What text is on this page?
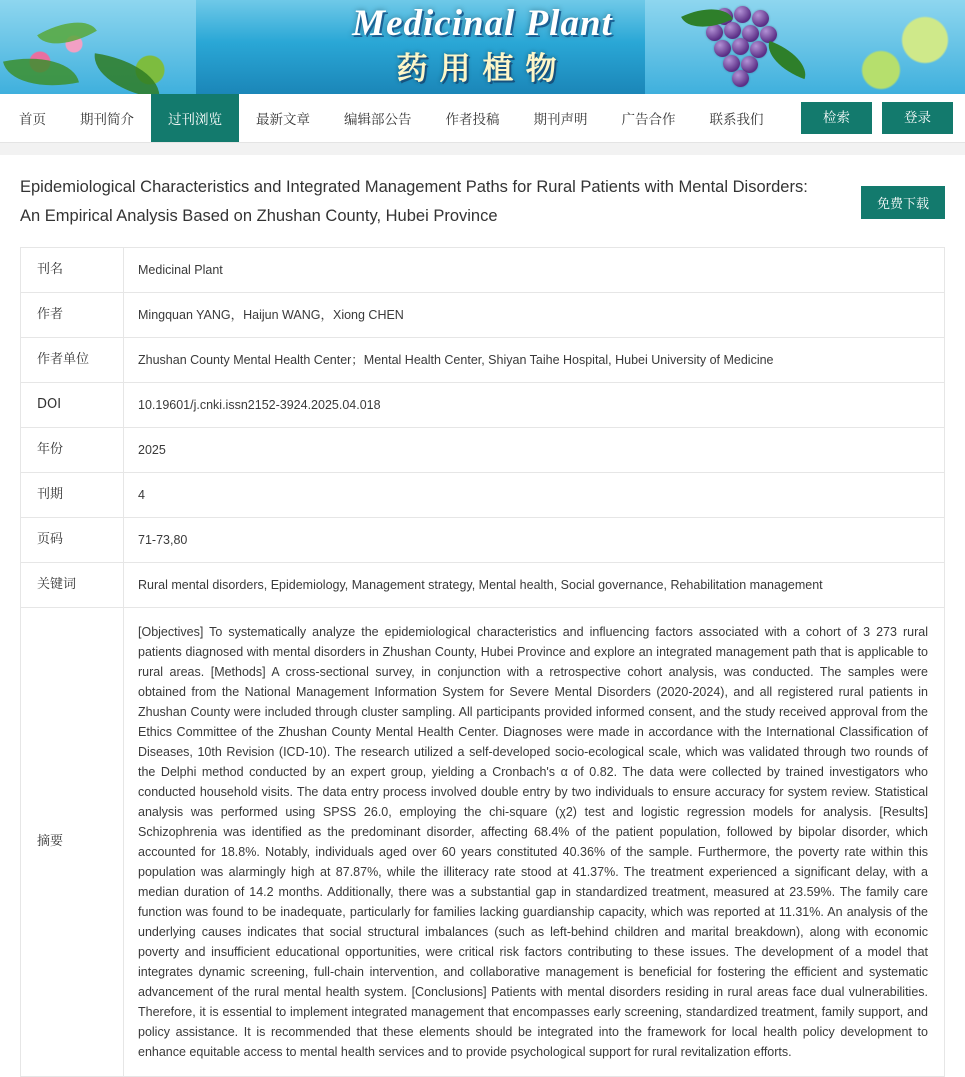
Medicinal Plant
药用植物
首页	期刊简介	过刊浏览	最新文章	编辑部公告	作者投稿	期刊声明	广告合作	联系我们	检索	登录
Epidemiological Characteristics and Integrated Management Paths for Rural Patients with Mental Disorders: An Empirical Analysis Based on Zhushan County, Hubei Province
免费下载
刊名	Medicinal Plant
作者	Mingquan YANG，Haijun WANG，Xiong CHEN
作者单位	Zhushan County Mental Health Center；Mental Health Center, Shiyan Taihe Hospital, Hubei University of Medicine
DOI	10.19601/j.cnki.issn2152-3924.2025.04.018
年份	2025
刊期	4
页码	71-73,80
关键词	Rural mental disorders, Epidemiology, Management strategy, Mental health, Social governance, Rehabilitation management
摘要	[Objectives] To systematically analyze the epidemiological characteristics and influencing factors associated with a cohort of 3 273 rural patients diagnosed with mental disorders in Zhushan County, Hubei Province and explore an integrated management path that is applicable to rural areas. [Methods] A cross-sectional survey, in conjunction with a retrospective cohort analysis, was conducted. The samples were obtained from the National Management Information System for Severe Mental Disorders (2020-2024), and all registered rural patients in Zhushan County were included through cluster sampling. All participants provided informed consent, and the study received approval from the Ethics Committee of the Zhushan County Mental Health Center. Diagnoses were made in accordance with the International Classification of Diseases, 10th Revision (ICD-10). The research utilized a self-developed socio-ecological scale, which was validated through two rounds of the Delphi method conducted by an expert group, yielding a Cronbach's α of 0.82. The data were collected by trained investigators who conducted household visits. The data entry process involved double entry by two individuals to ensure accuracy for system review. Statistical analysis was performed using SPSS 26.0, employing the chi-square (χ2) test and logistic regression models for analysis. [Results] Schizophrenia was identified as the predominant disorder, affecting 68.4% of the patient population, followed by bipolar disorder, which accounted for 18.8%. Notably, individuals aged over 60 years constituted 40.36% of the sample. Furthermore, the poverty rate within this population was alarmingly high at 87.87%, while the illiteracy rate stood at 41.37%. The treatment experienced a significant delay, with a median duration of 14.2 months. Additionally, there was a substantial gap in standardized treatment, measured at 23.59%. The family care function was found to be inadequate, particularly for families lacking guardianship capacity, which was reported at 11.31%. An analysis of the underlying causes indicates that social structural imbalances (such as left-behind children and marital breakdown), along with economic poverty and insufficient educational opportunities, were critical risk factors contributing to these issues. The development of a model that integrates dynamic screening, full-chain intervention, and collaborative management is beneficial for fostering the efficient and systematic advancement of the rural mental health system. [Conclusions] Patients with mental disorders residing in rural areas face dual vulnerabilities. Therefore, it is essential to implement integrated management that encompasses early screening, standardized treatment, family support, and policy assistance. It is recommended that these elements should be integrated into the framework for local health policy development to enhance equitable access to mental health services and to provide psychological support for rural revitalization efforts.
